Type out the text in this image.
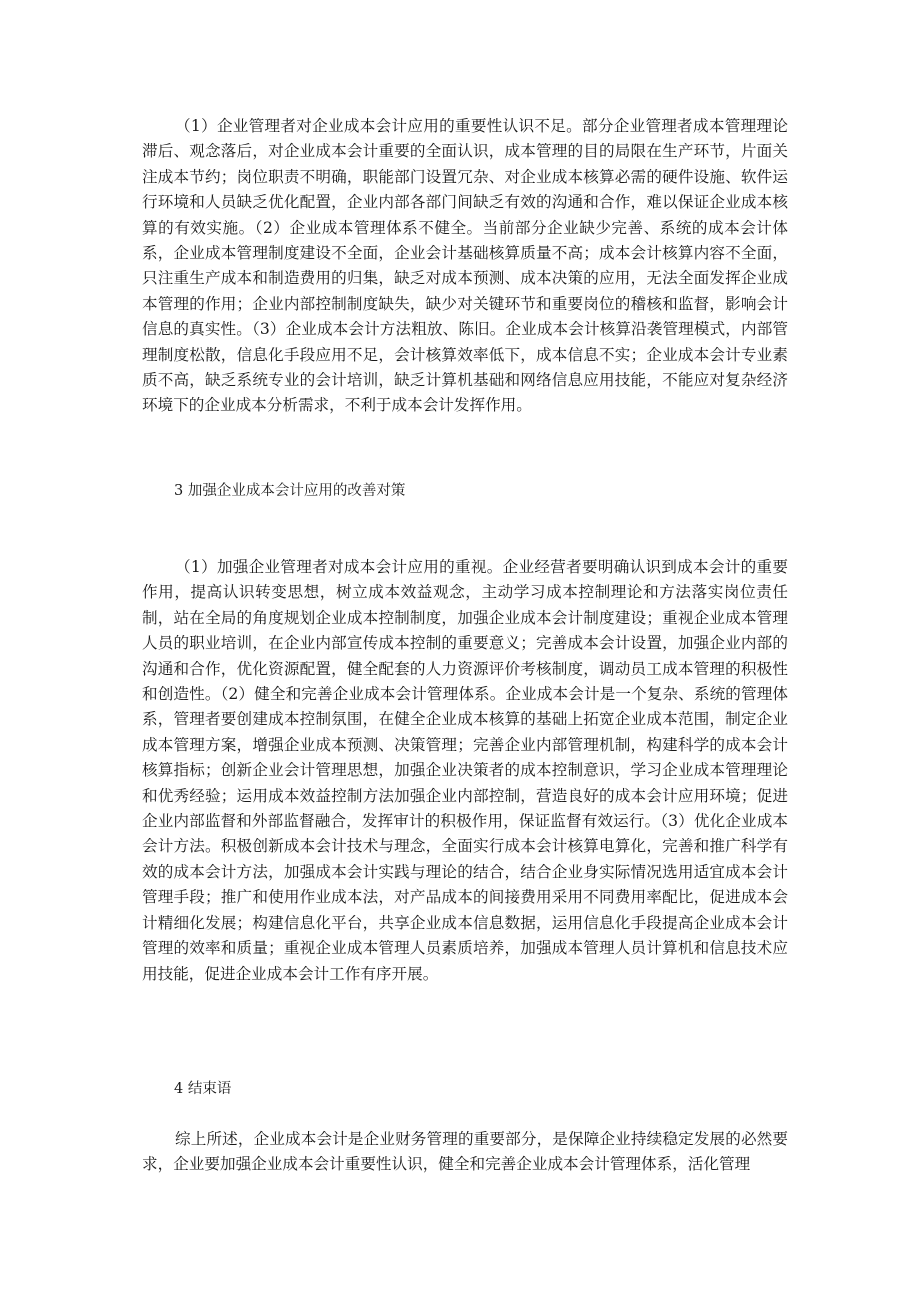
（1）企业管理者对企业成本会计应用的重要性认识不足。部分企业管理者成本管理理论滞后、观念落后，对企业成本会计重要的全面认识，成本管理的目的局限在生产环节，片面关注成本节约；岗位职责不明确，职能部门设置冗杂、对企业成本核算必需的硬件设施、软件运行环境和人员缺乏优化配置，企业内部各部门间缺乏有效的沟通和合作，难以保证企业成本核算的有效实施。（2）企业成本管理体系不健全。当前部分企业缺少完善、系统的成本会计体系，企业成本管理制度建设不全面，企业会计基础核算质量不高；成本会计核算内容不全面，只注重生产成本和制造费用的归集，缺乏对成本预测、成本决策的应用，无法全面发挥企业成本管理的作用；企业内部控制制度缺失，缺少对关键环节和重要岗位的稽核和监督，影响会计信息的真实性。（3）企业成本会计方法粗放、陈旧。企业成本会计核算沿袭管理模式，内部管理制度松散，信息化手段应用不足，会计核算效率低下，成本信息不实；企业成本会计专业素质不高，缺乏系统专业的会计培训，缺乏计算机基础和网络信息应用技能，不能应对复杂经济环境下的企业成本分析需求，不利于成本会计发挥作用。

3 加强企业成本会计应用的改善对策

（1）加强企业管理者对成本会计应用的重视。企业经营者要明确认识到成本会计的重要作用，提高认识转变思想，树立成本效益观念，主动学习成本控制理论和方法落实岗位责任制，站在全局的角度规划企业成本控制制度，加强企业成本会计制度建设；重视企业成本管理人员的职业培训，在企业内部宣传成本控制的重要意义；完善成本会计设置，加强企业内部的沟通和合作，优化资源配置，健全配套的人力资源评价考核制度，调动员工成本管理的积极性和创造性。（2）健全和完善企业成本会计管理体系。企业成本会计是一个复杂、系统的管理体系，管理者要创建成本控制氛围，在健全企业成本核算的基础上拓宽企业成本范围，制定企业成本管理方案，增强企业成本预测、决策管理；完善企业内部管理机制，构建科学的成本会计核算指标；创新企业会计管理思想，加强企业决策者的成本控制意识，学习企业成本管理理论和优秀经验；运用成本效益控制方法加强企业内部控制，营造良好的成本会计应用环境；促进企业内部监督和外部监督融合，发挥审计的积极作用，保证监督有效运行。（3）优化企业成本会计方法。积极创新成本会计技术与理念，全面实行成本会计核算电算化，完善和推广科学有效的成本会计方法，加强成本会计实践与理论的结合，结合企业身实际情况选用适宜成本会计管理手段；推广和使用作业成本法，对产品成本的间接费用采用不同费用率配比，促进成本会计精细化发展；构建信息化平台，共享企业成本信息数据，运用信息化手段提高企业成本会计管理的效率和质量；重视企业成本管理人员素质培养，加强成本管理人员计算机和信息技术应用技能，促进企业成本会计工作有序开展。

4 结束语

综上所述，企业成本会计是企业财务管理的重要部分，是保障企业持续稳定发展的必然要求，企业要加强企业成本会计重要性认识，健全和完善企业成本会计管理体系，活化管理
